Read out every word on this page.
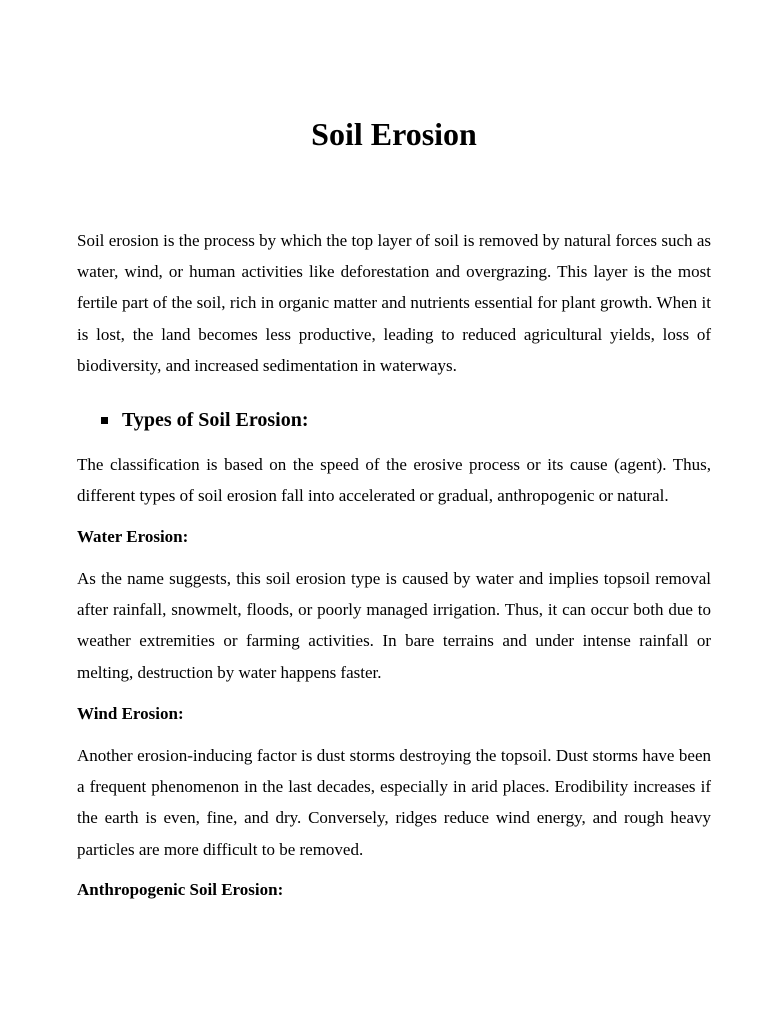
Soil Erosion

Soil erosion is the process by which the top layer of soil is removed by natural forces such as water, wind, or human activities like deforestation and overgrazing. This layer is the most fertile part of the soil, rich in organic matter and nutrients essential for plant growth. When it is lost, the land becomes less productive, leading to reduced agricultural yields, loss of biodiversity, and increased sedimentation in waterways.

Types of Soil Erosion:

The classification is based on the speed of the erosive process or its cause (agent). Thus, different types of soil erosion fall into accelerated or gradual, anthropogenic or natural.

Water Erosion:

As the name suggests, this soil erosion type is caused by water and implies topsoil removal after rainfall, snowmelt, floods, or poorly managed irrigation. Thus, it can occur both due to weather extremities or farming activities. In bare terrains and under intense rainfall or melting, destruction by water happens faster.

Wind Erosion:

Another erosion-inducing factor is dust storms destroying the topsoil. Dust storms have been a frequent phenomenon in the last decades, especially in arid places. Erodibility increases if the earth is even, fine, and dry. Conversely, ridges reduce wind energy, and rough heavy particles are more difficult to be removed.

Anthropogenic Soil Erosion:
